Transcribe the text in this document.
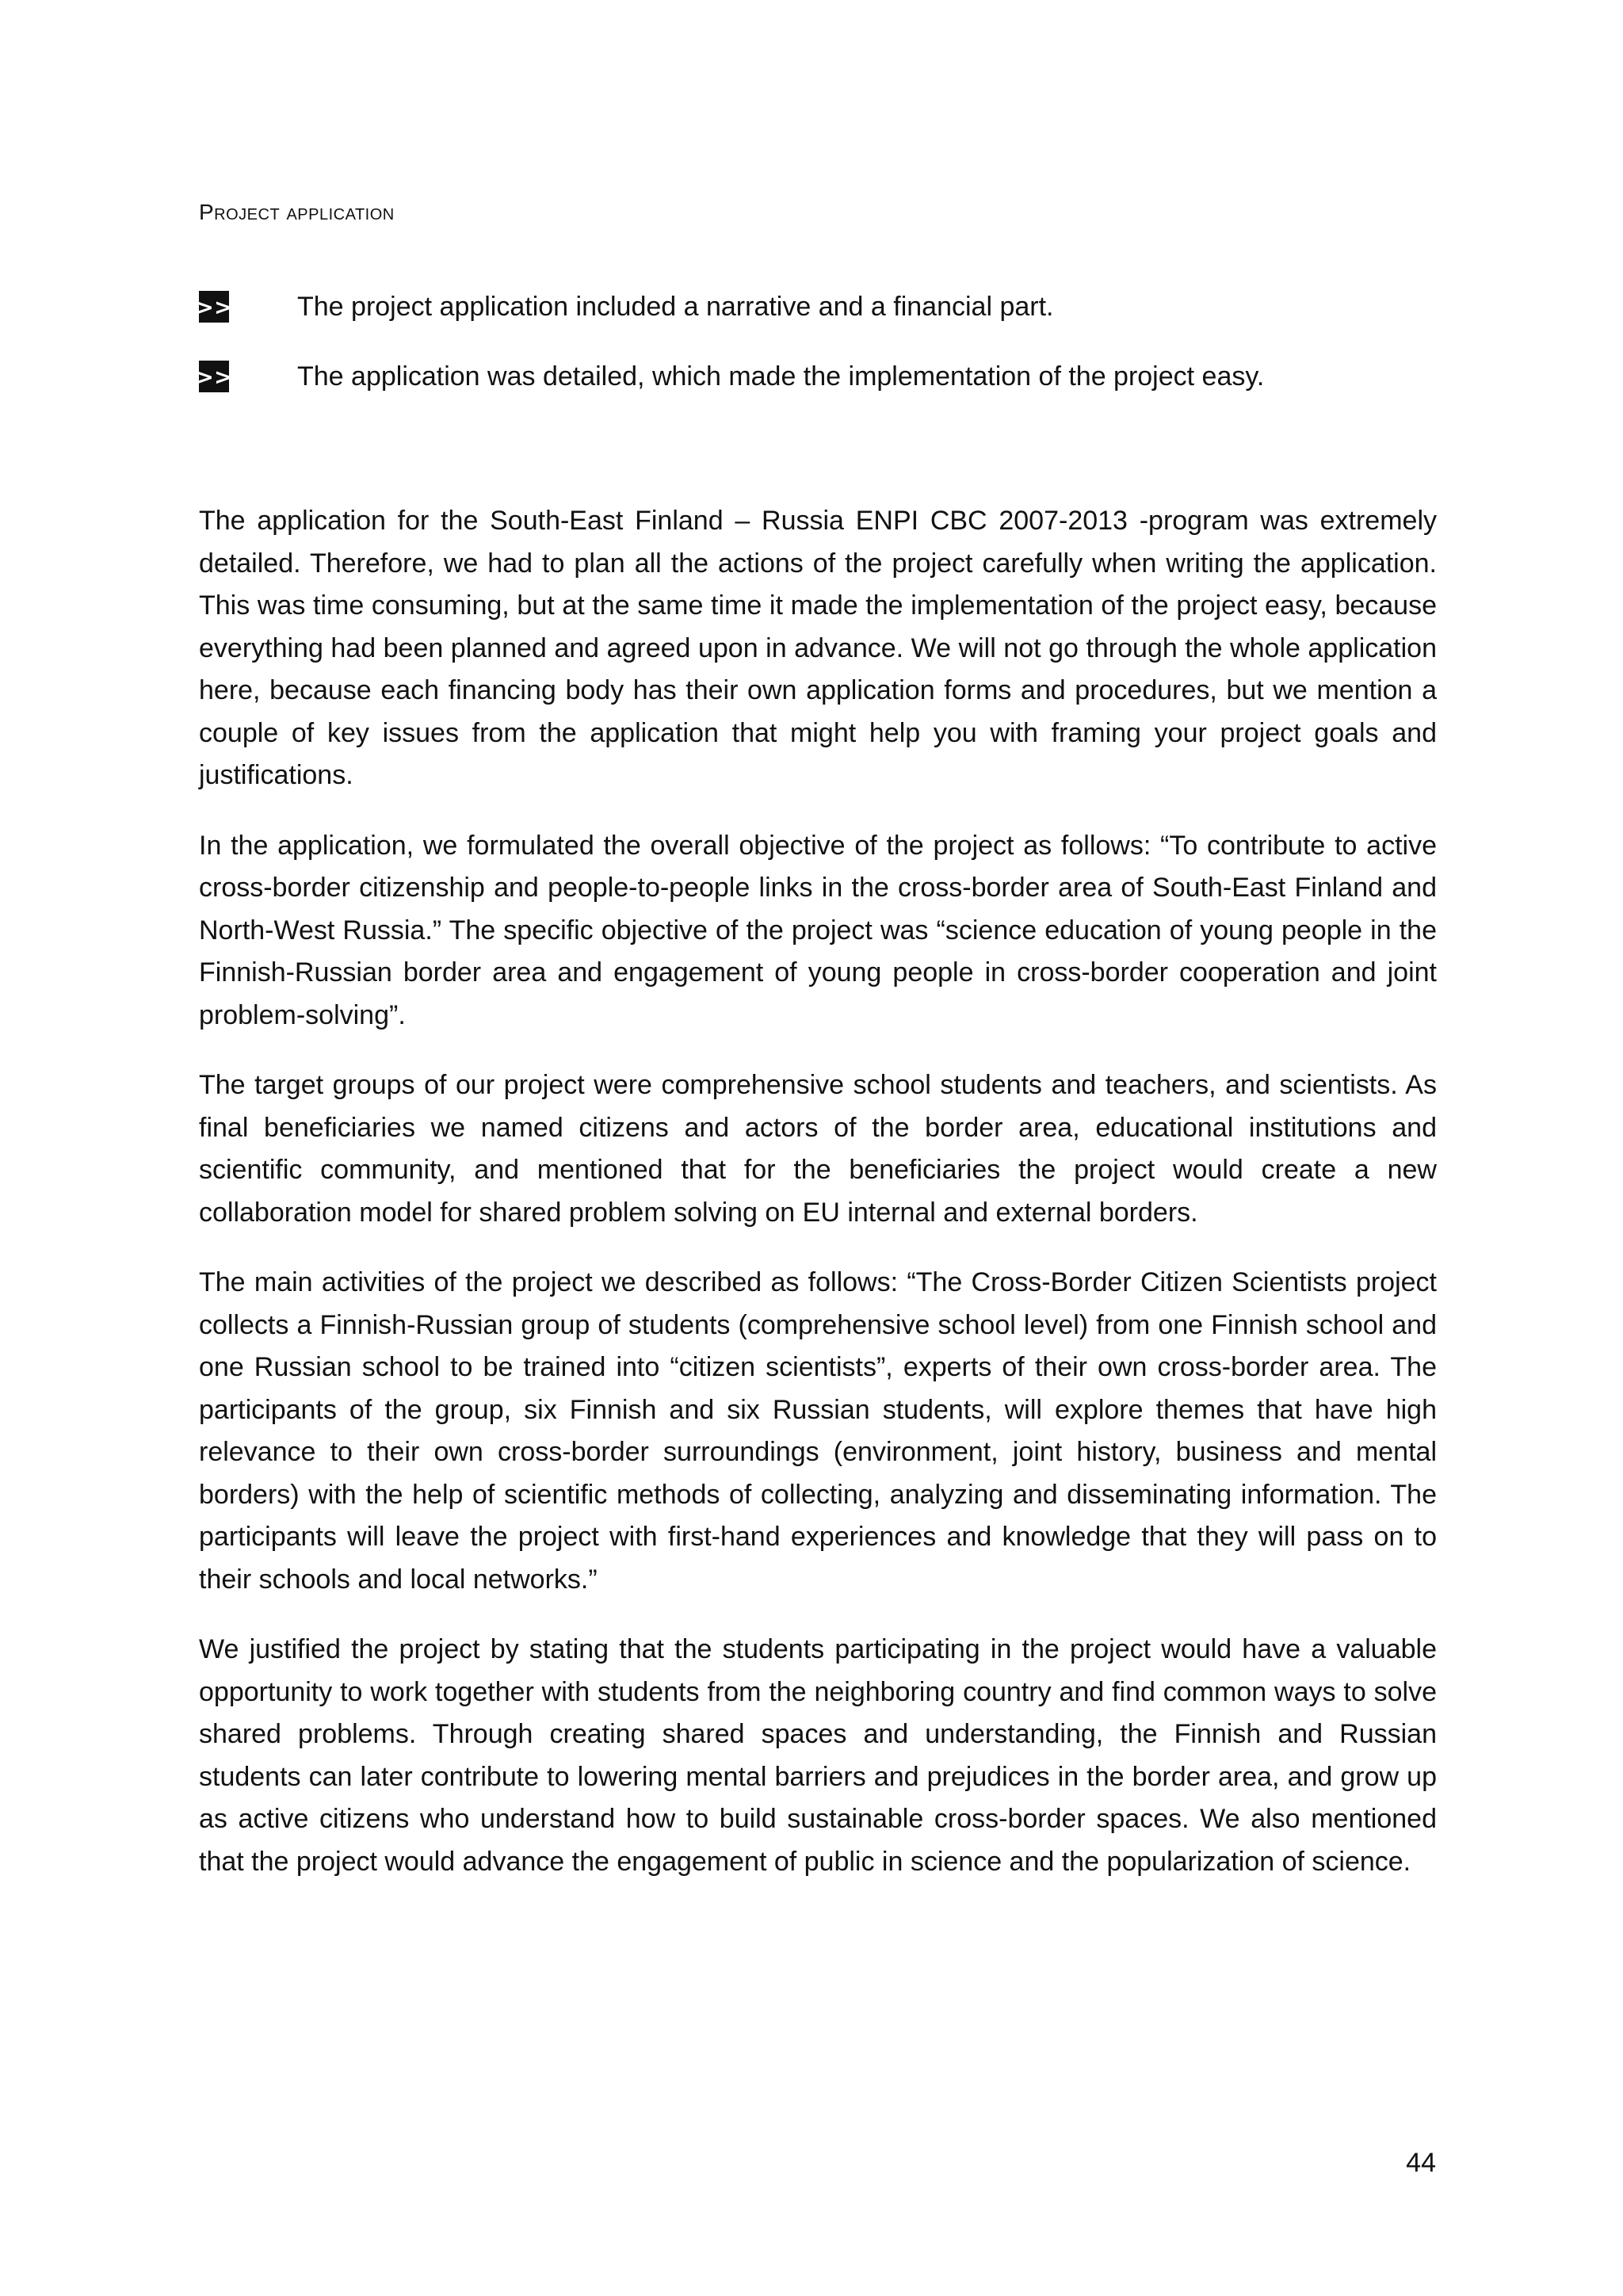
Project application
>> The project application included a narrative and a financial part.
>> The application was detailed, which made the implementation of the project easy.

The application for the South-East Finland – Russia ENPI CBC 2007-2013 -program was extremely detailed. Therefore, we had to plan all the actions of the project carefully when writing the application. This was time consuming, but at the same time it made the implementation of the project easy, because everything had been planned and agreed upon in advance. We will not go through the whole application here, because each financing body has their own application forms and procedures, but we mention a couple of key issues from the application that might help you with framing your project goals and justifications.

In the application, we formulated the overall objective of the project as follows: “To contribute to active cross-border citizenship and people-to-people links in the cross-border area of South-East Finland and North-West Russia.” The specific objective of the project was “science education of young people in the Finnish-Russian border area and engagement of young people in cross-border cooperation and joint problem-solving”.

The target groups of our project were comprehensive school students and teachers, and scientists. As final beneficiaries we named citizens and actors of the border area, educational institutions and scientific community, and mentioned that for the beneficiaries the project would create a new collaboration model for shared problem solving on EU internal and external borders.

The main activities of the project we described as follows: “The Cross-Border Citizen Scientists project collects a Finnish-Russian group of students (comprehensive school level) from one Finnish school and one Russian school to be trained into “citizen scientists”, experts of their own cross-border area. The participants of the group, six Finnish and six Russian students, will explore themes that have high relevance to their own cross-border surroundings (environment, joint history, business and mental borders) with the help of scientific methods of collecting, analyzing and disseminating information. The participants will leave the project with first-hand experiences and knowledge that they will pass on to their schools and local networks.”

We justified the project by stating that the students participating in the project would have a valuable opportunity to work together with students from the neighboring country and find common ways to solve shared problems. Through creating shared spaces and understanding, the Finnish and Russian students can later contribute to lowering mental barriers and prejudices in the border area, and grow up as active citizens who understand how to build sustainable cross-border spaces. We also mentioned that the project would advance the engagement of public in science and the popularization of science.

44
